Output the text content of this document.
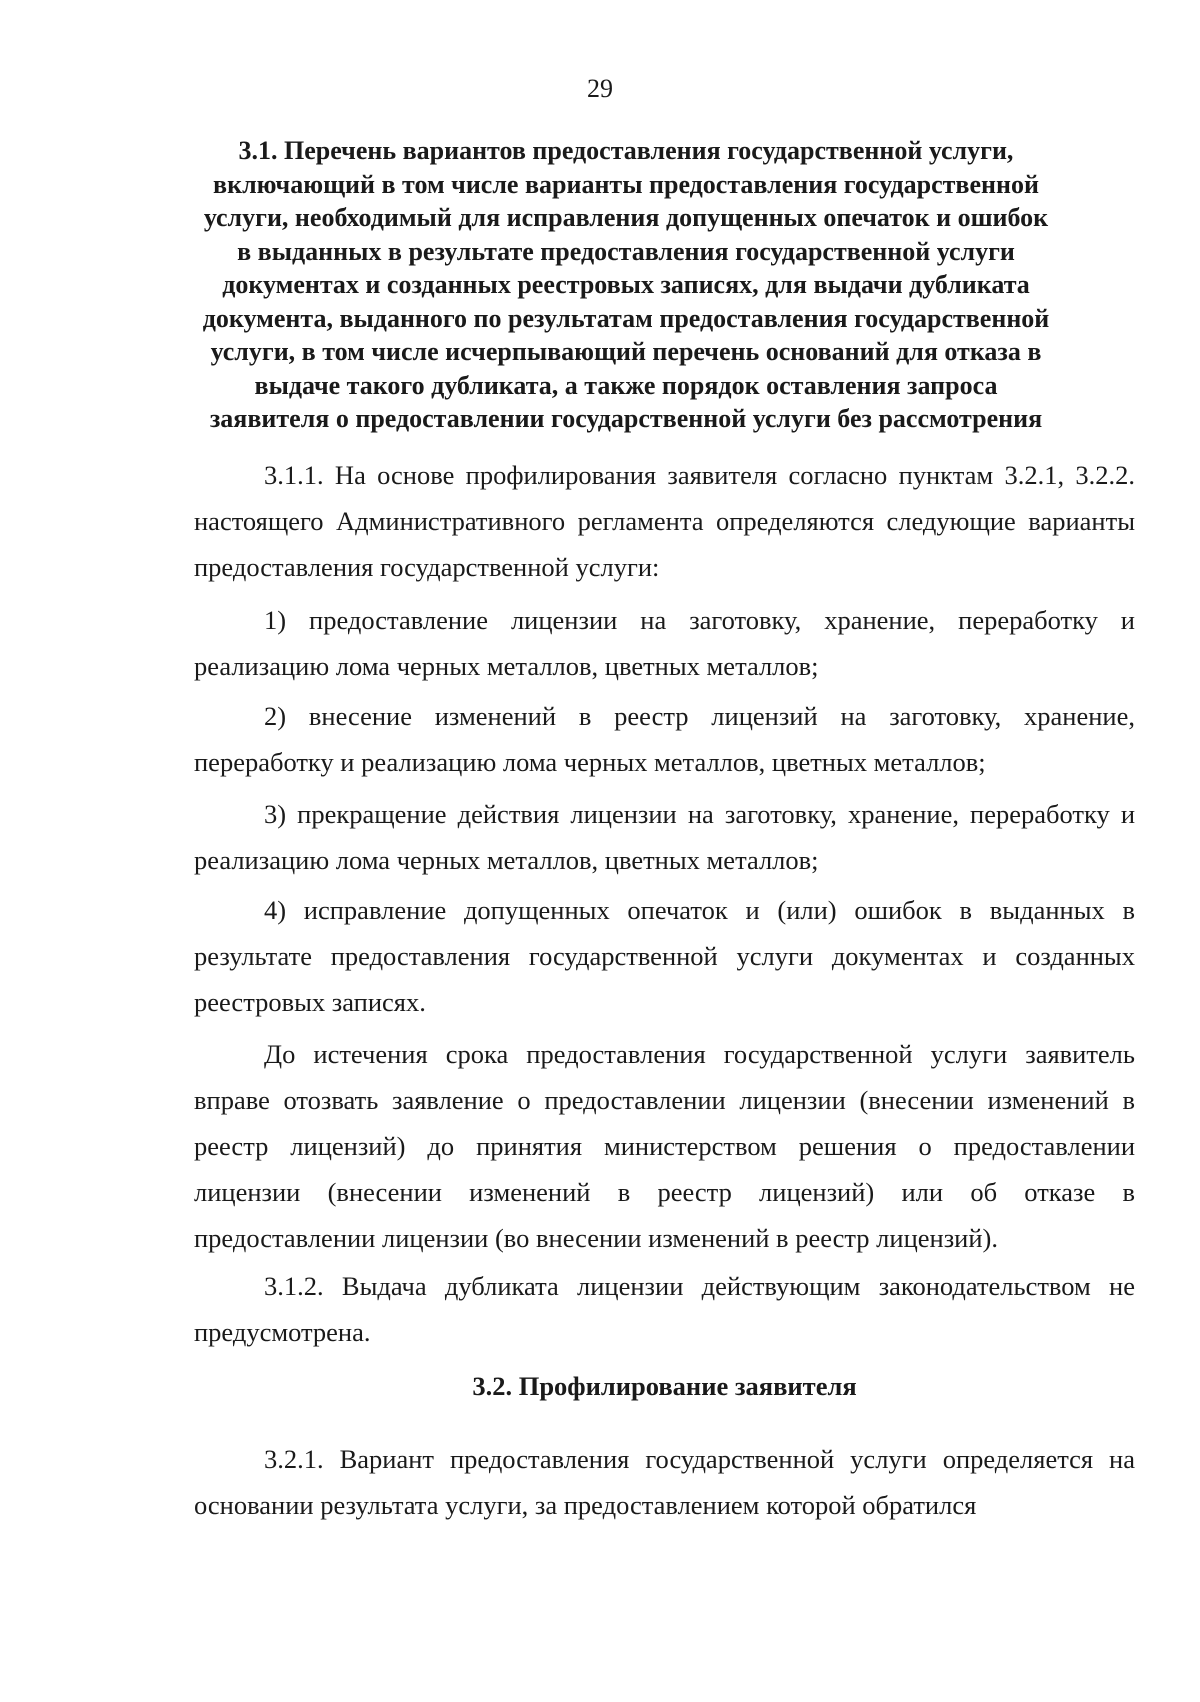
29
3.1. Перечень вариантов предоставления государственной услуги,
включающий в том числе варианты предоставления государственной
услуги, необходимый для исправления допущенных опечаток и ошибок
в выданных в результате предоставления государственной услуги
документах и созданных реестровых записях, для выдачи дубликата
документа, выданного по результатам предоставления государственной
услуги, в том числе исчерпывающий перечень оснований для отказа в
выдаче такого дубликата, а также порядок оставления запроса
заявителя о предоставлении государственной услуги без рассмотрения

3.1.1. На основе профилирования заявителя согласно пунктам 3.2.1, 3.2.2. настоящего Административного регламента определяются следующие варианты предоставления государственной услуги:

1) предоставление лицензии на заготовку, хранение, переработку и реализацию лома черных металлов, цветных металлов;

2) внесение изменений в реестр лицензий на заготовку, хранение, переработку и реализацию лома черных металлов, цветных металлов;

3) прекращение действия лицензии на заготовку, хранение, переработку и реализацию лома черных металлов, цветных металлов;

4) исправление допущенных опечаток и (или) ошибок в выданных в результате предоставления государственной услуги документах и созданных реестровых записях.

До истечения срока предоставления государственной услуги заявитель вправе отозвать заявление о предоставлении лицензии (внесении изменений в реестр лицензий) до принятия министерством решения о предоставлении лицензии (внесении изменений в реестр лицензий) или об отказе в предоставлении лицензии (во внесении изменений в реестр лицензий).

3.1.2. Выдача дубликата лицензии действующим законодательством не предусмотрена.

3.2. Профилирование заявителя

3.2.1. Вариант предоставления государственной услуги определяется на основании результата услуги, за предоставлением которой обратился
